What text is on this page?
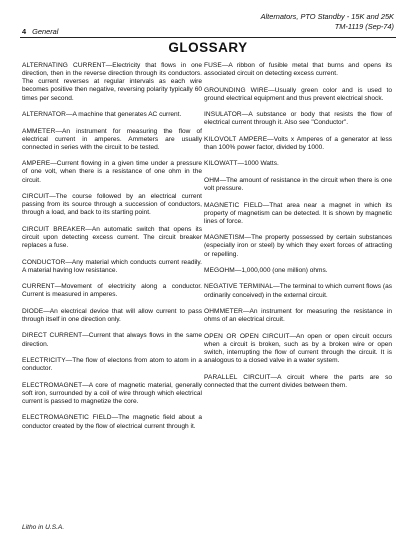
Alternators, PTO Standby - 15K and 25K
TM-1119 (Sep-74)
4 General
GLOSSARY

ALTERNATING CURRENT—Electricity that flows in one direction, then in the reverse direction through its conductors. The current reverses at regular intervals as each wire becomes positive then negative, reversing polarity typically 60 times per second.

ALTERNATOR—A machine that generates AC current.

AMMETER—An instrument for measuring the flow of electrical current in amperes. Ammeters are usually connected in series with the circuit to be tested.

AMPERE—Current flowing in a given time under a pressure of one volt, when there is a resistance of one ohm in the circuit.

CIRCUIT—The course followed by an electrical current passing from its source through a succession of conductors, through a load, and back to its starting point.

CIRCUIT BREAKER—An automatic switch that opens its circuit upon detecting excess current. The circuit breaker replaces a fuse.

CONDUCTOR—Any material which conducts current readily. A material having low resistance.

CURRENT—Movement of electricity along a conductor. Current is measured in amperes.

DIODE—An electrical device that will allow current to pass through itself in one direction only.

DIRECT CURRENT—Current that always flows in the same direction.

ELECTRICITY—The flow of electons from atom to atom in a conductor.

ELECTROMAGNET—A core of magnetic material, generally soft iron, surrounded by a coil of wire through which electrical current is passed to magnetize the core.

ELECTROMAGNETIC FIELD—The magnetic field about a conductor created by the flow of electrical current through it.

FUSE—A ribbon of fusible metal that burns and opens its associated circuit on detecting excess current.

GROUNDING WIRE—Usually green color and is used to ground electrical equipment and thus prevent electrical shock.

INSULATOR—A substance or body that resists the flow of electrical current through it. Also see "Conductor".

KILOVOLT AMPERE—Volts x Amperes of a generator at less than 100% power factor, divided by 1000.

KILOWATT—1000 Watts.

OHM—The amount of resistance in the circuit when there is one volt pressure.

MAGNETIC FIELD—That area near a magnet in which its property of magnetism can be detected. It is shown by magnetic lines of force.

MAGNETISM—The property possessed by certain substances (especially iron or steel) by which they exert forces of attracting or repelling.

MEGOHM—1,000,000 (one million) ohms.

NEGATIVE TERMINAL—The terminal to which current flows (as ordinarily conceived) in the external circuit.

OHMMETER—An instrument for measuring the resistance in ohms of an electrical circuit.

OPEN OR OPEN CIRCUIT—An open or open circuit occurs when a circuit is broken, such as by a broken wire or open switch, interrupting the flow of current through the circuit. It is analogous to a closed valve in a water system.

PARALLEL CIRCUIT—A circuit where the parts are so connected that the current divides between them.

Litho in U.S.A.
